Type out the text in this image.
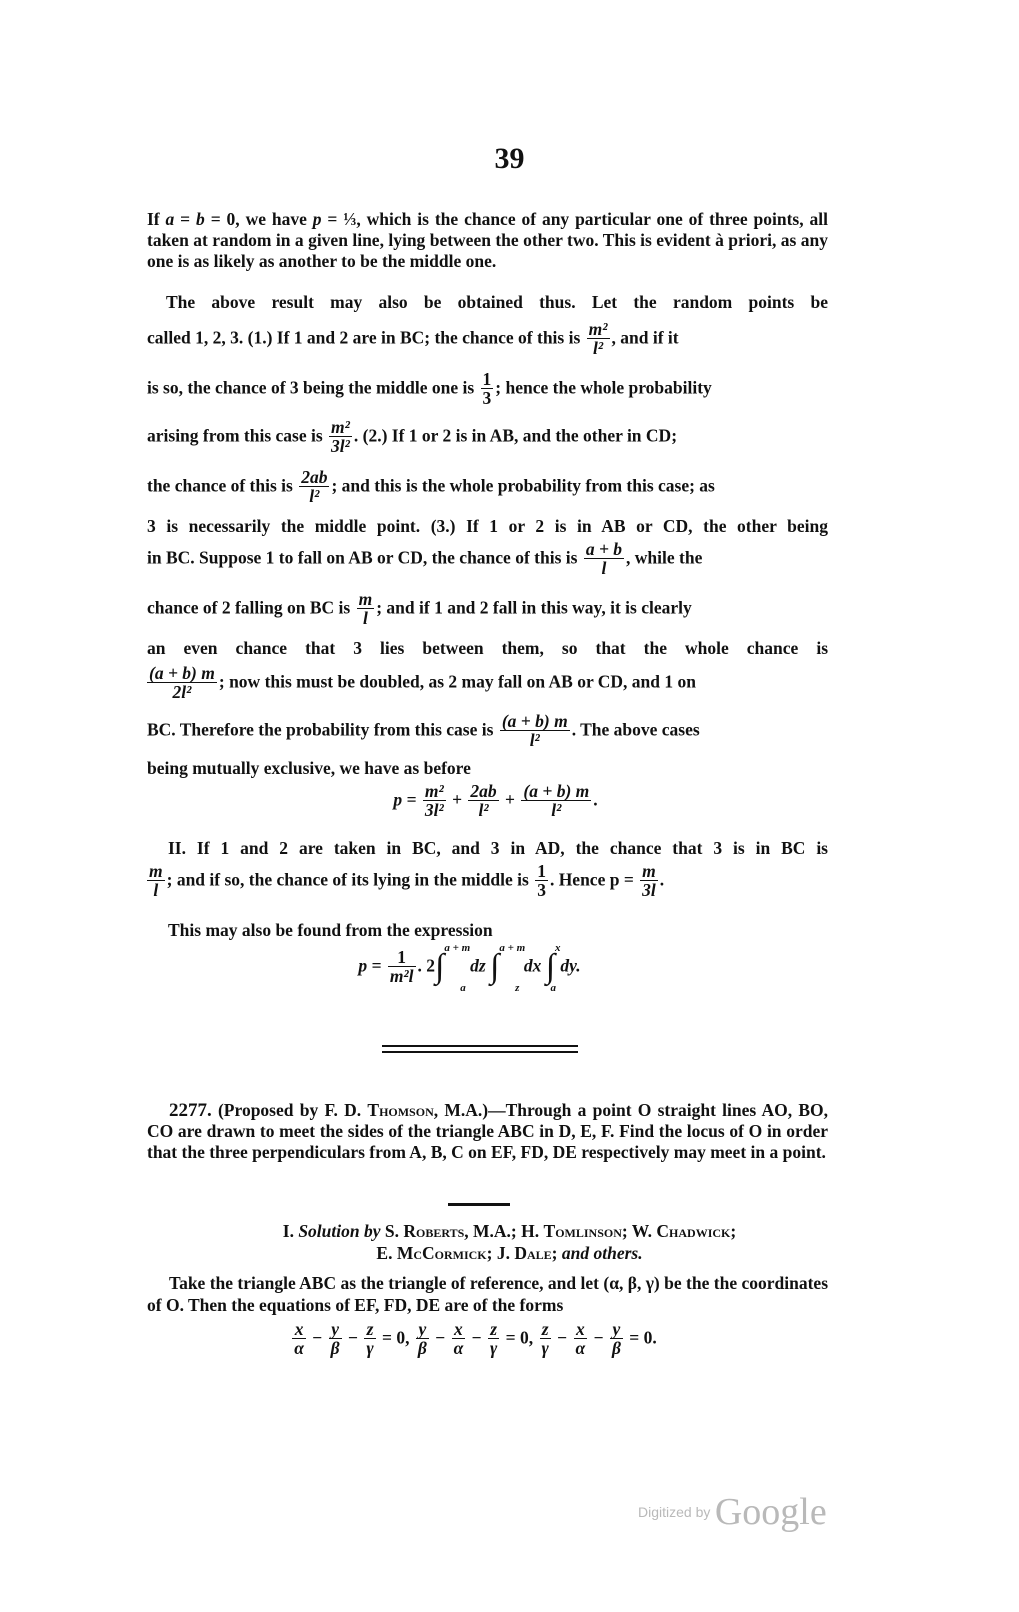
39
If a = b = 0, we have p = ⅓, which is the chance of any particular one of three points, all taken at random in a given line, lying between the other two. This is evident à priori, as any one is as likely as another to be the middle one.
The above result may also be obtained thus. Let the random points be
called 1, 2, 3. (1.) If 1 and 2 are in BC; the chance of this is $\frac{\text{m²}}{\text{l²}}$ , and if it
is so, the chance of 3 being the middle one is $\frac{1}{3}$ ; hence the whole probability
arising from this case is $\frac{\text{m²}}{\text{3l²}}$ . (2.) If 1 or 2 is in AB, and the other in CD;
the chance of this is $\frac{2ab}{\text{l²}}$ ; and this is the whole probability from this case; as
3 is necessarily the middle point. (3.) If 1 or 2 is in AB or CD, the other being
in BC. Suppose 1 to fall on AB or CD, the chance of this is $\frac{a + b}{l}$ , while the
chance of 2 falling on BC is $\frac{m}{l}$ ; and if 1 and 2 fall in this way, it is clearly
an even chance that 3 lies between them, so that the whole chance is
$\frac{(a + b) m}{\text{2l²}}$ ; now this must be doubled, as 2 may fall on AB or CD, and 1 on
BC. Therefore the probability from this case is $\frac{(a + b) m}{\text{l²}}$ . The above cases
being mutually exclusive, we have as before
$p = \frac{\text{m²}}{\text{3l²}} + \frac{2ab}{\text{l²}} + \frac{(a + b) m}{\text{l²}}$ .
II. If 1 and 2 are taken in BC, and 3 in AD, the chance that 3 is in BC is
$\frac{m}{l}$ ; and if so, the chance of its lying in the middle is $\frac{1}{3}$ . Hence $p = \frac{m}{3l}$ .
This may also be found from the expression
$p = \frac{1}{\text{m²l}}$ . 2∫$^{a + m}_a$ dz ∫$^{a + m}_z$ dx ∫$^x_a$ dy.
2277. (Proposed by F. D. Thomson, M.A.)—Through a point O straight lines AO, BO, CO are drawn to meet the sides of the triangle ABC in D, E, F. Find the locus of O in order that the three perpendiculars from A, B, C on EF, FD, DE respectively may meet in a point.
I. Solution by S. Roberts, M.A.; H. Tomlinson; W. Chadwick;
E. McCormick; J. Dale; and others.
Take the triangle ABC as the triangle of reference, and let (α, β, γ) be the the coordinates of O. Then the equations of EF, FD, DE are of the forms
$\frac{x}{\alpha} - \frac{y}{\beta} - \frac{z}{\gamma} = 0$, $\frac{y}{\beta} - \frac{x}{\alpha} - \frac{z}{\gamma} = 0$, $\frac{z}{\gamma} - \frac{x}{\alpha} - \frac{y}{\beta} = 0$.
Digitized by Google
